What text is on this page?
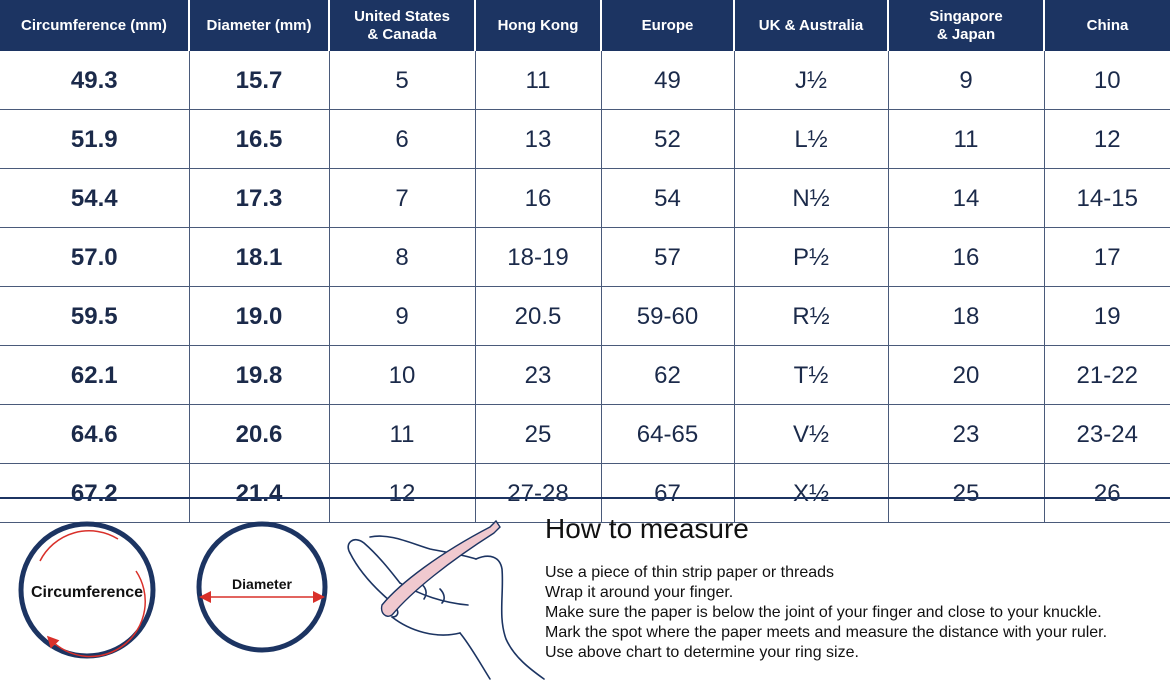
Circumference (mm)	Diameter (mm)	United States
& Canada	Hong Kong	Europe	UK & Australia	Singapore
& Japan	China

49.3	15.7	5	11	49	J½	9	10
51.9	16.5	6	13	52	L½	11	12
54.4	17.3	7	16	54	N½	14	14-15
57.0	18.1	8	18-19	57	P½	16	17
59.5	19.0	9	20.5	59-60	R½	18	19
62.1	19.8	10	23	62	T½	20	21-22
64.6	20.6	11	25	64-65	V½	23	23-24
67.2	21.4	12	27-28	67	X½	25	26
Circumference	Diameter
How to measure

Use a piece of thin strip paper or threads

Wrap it around your finger.

Make sure the paper is below the joint of your finger and close to your knuckle.

Mark the spot where the paper meets and measure the distance with your ruler.

Use above chart to determine your ring size.
